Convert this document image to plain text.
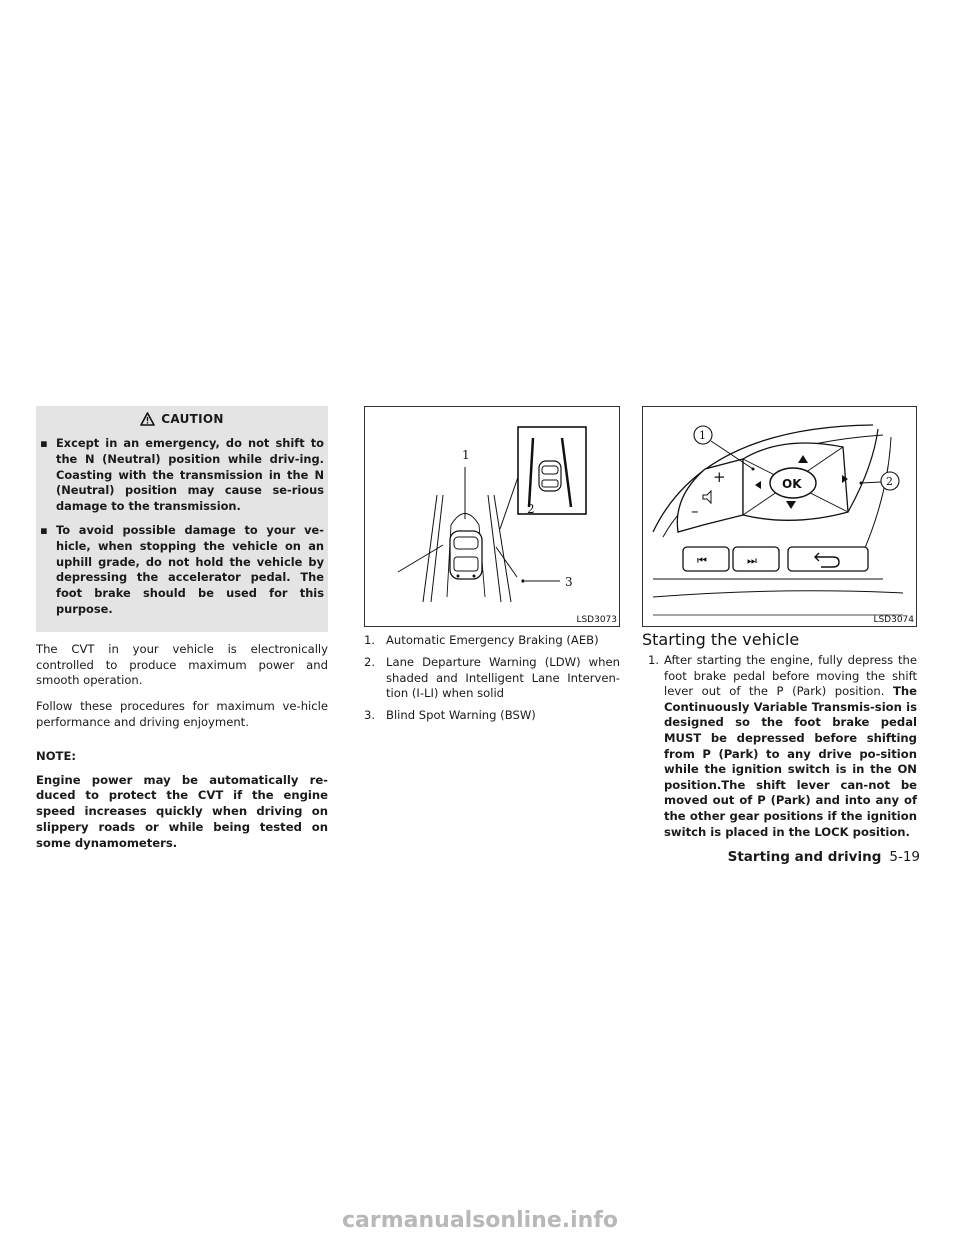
CAUTION
▪ Except in an emergency, do not shift to the N (Neutral) position while driv-ing. Coasting with the transmission in the N (Neutral) position may cause se-rious damage to the transmission.
▪ To avoid possible damage to your ve-hicle, when stopping the vehicle on an uphill grade, do not hold the vehicle by depressing the accelerator pedal. The foot brake should be used for this purpose.

The CVT in your vehicle is electronically controlled to produce maximum power and smooth operation.

Follow these procedures for maximum ve-hicle performance and driving enjoyment.

NOTE:

Engine power may be automatically re-duced to protect the CVT if the engine speed increases quickly when driving on slippery roads or while being tested on some dynamometers.

1
2
3
LSD3073
1. Automatic Emergency Braking (AEB)
2. Lane Departure Warning (LDW) when shaded and Intelligent Lane Interven-tion (I-LI) when solid
3. Blind Spot Warning (BSW)
+
–
OK
⏮	⏭
1
2
LSD3074
Starting the vehicle
1. After starting the engine, fully depress the foot brake pedal before moving the shift lever out of the P (Park) position. The Continuously Variable Transmis-sion is designed so the foot brake pedal MUST be depressed before shifting from P (Park) to any drive po-sition while the ignition switch is in the ON position.The shift lever can-not be moved out of P (Park) and into any of the other gear positions if the ignition switch is placed in the LOCK position.
Starting and driving 5-19
carmanualsonline.info
